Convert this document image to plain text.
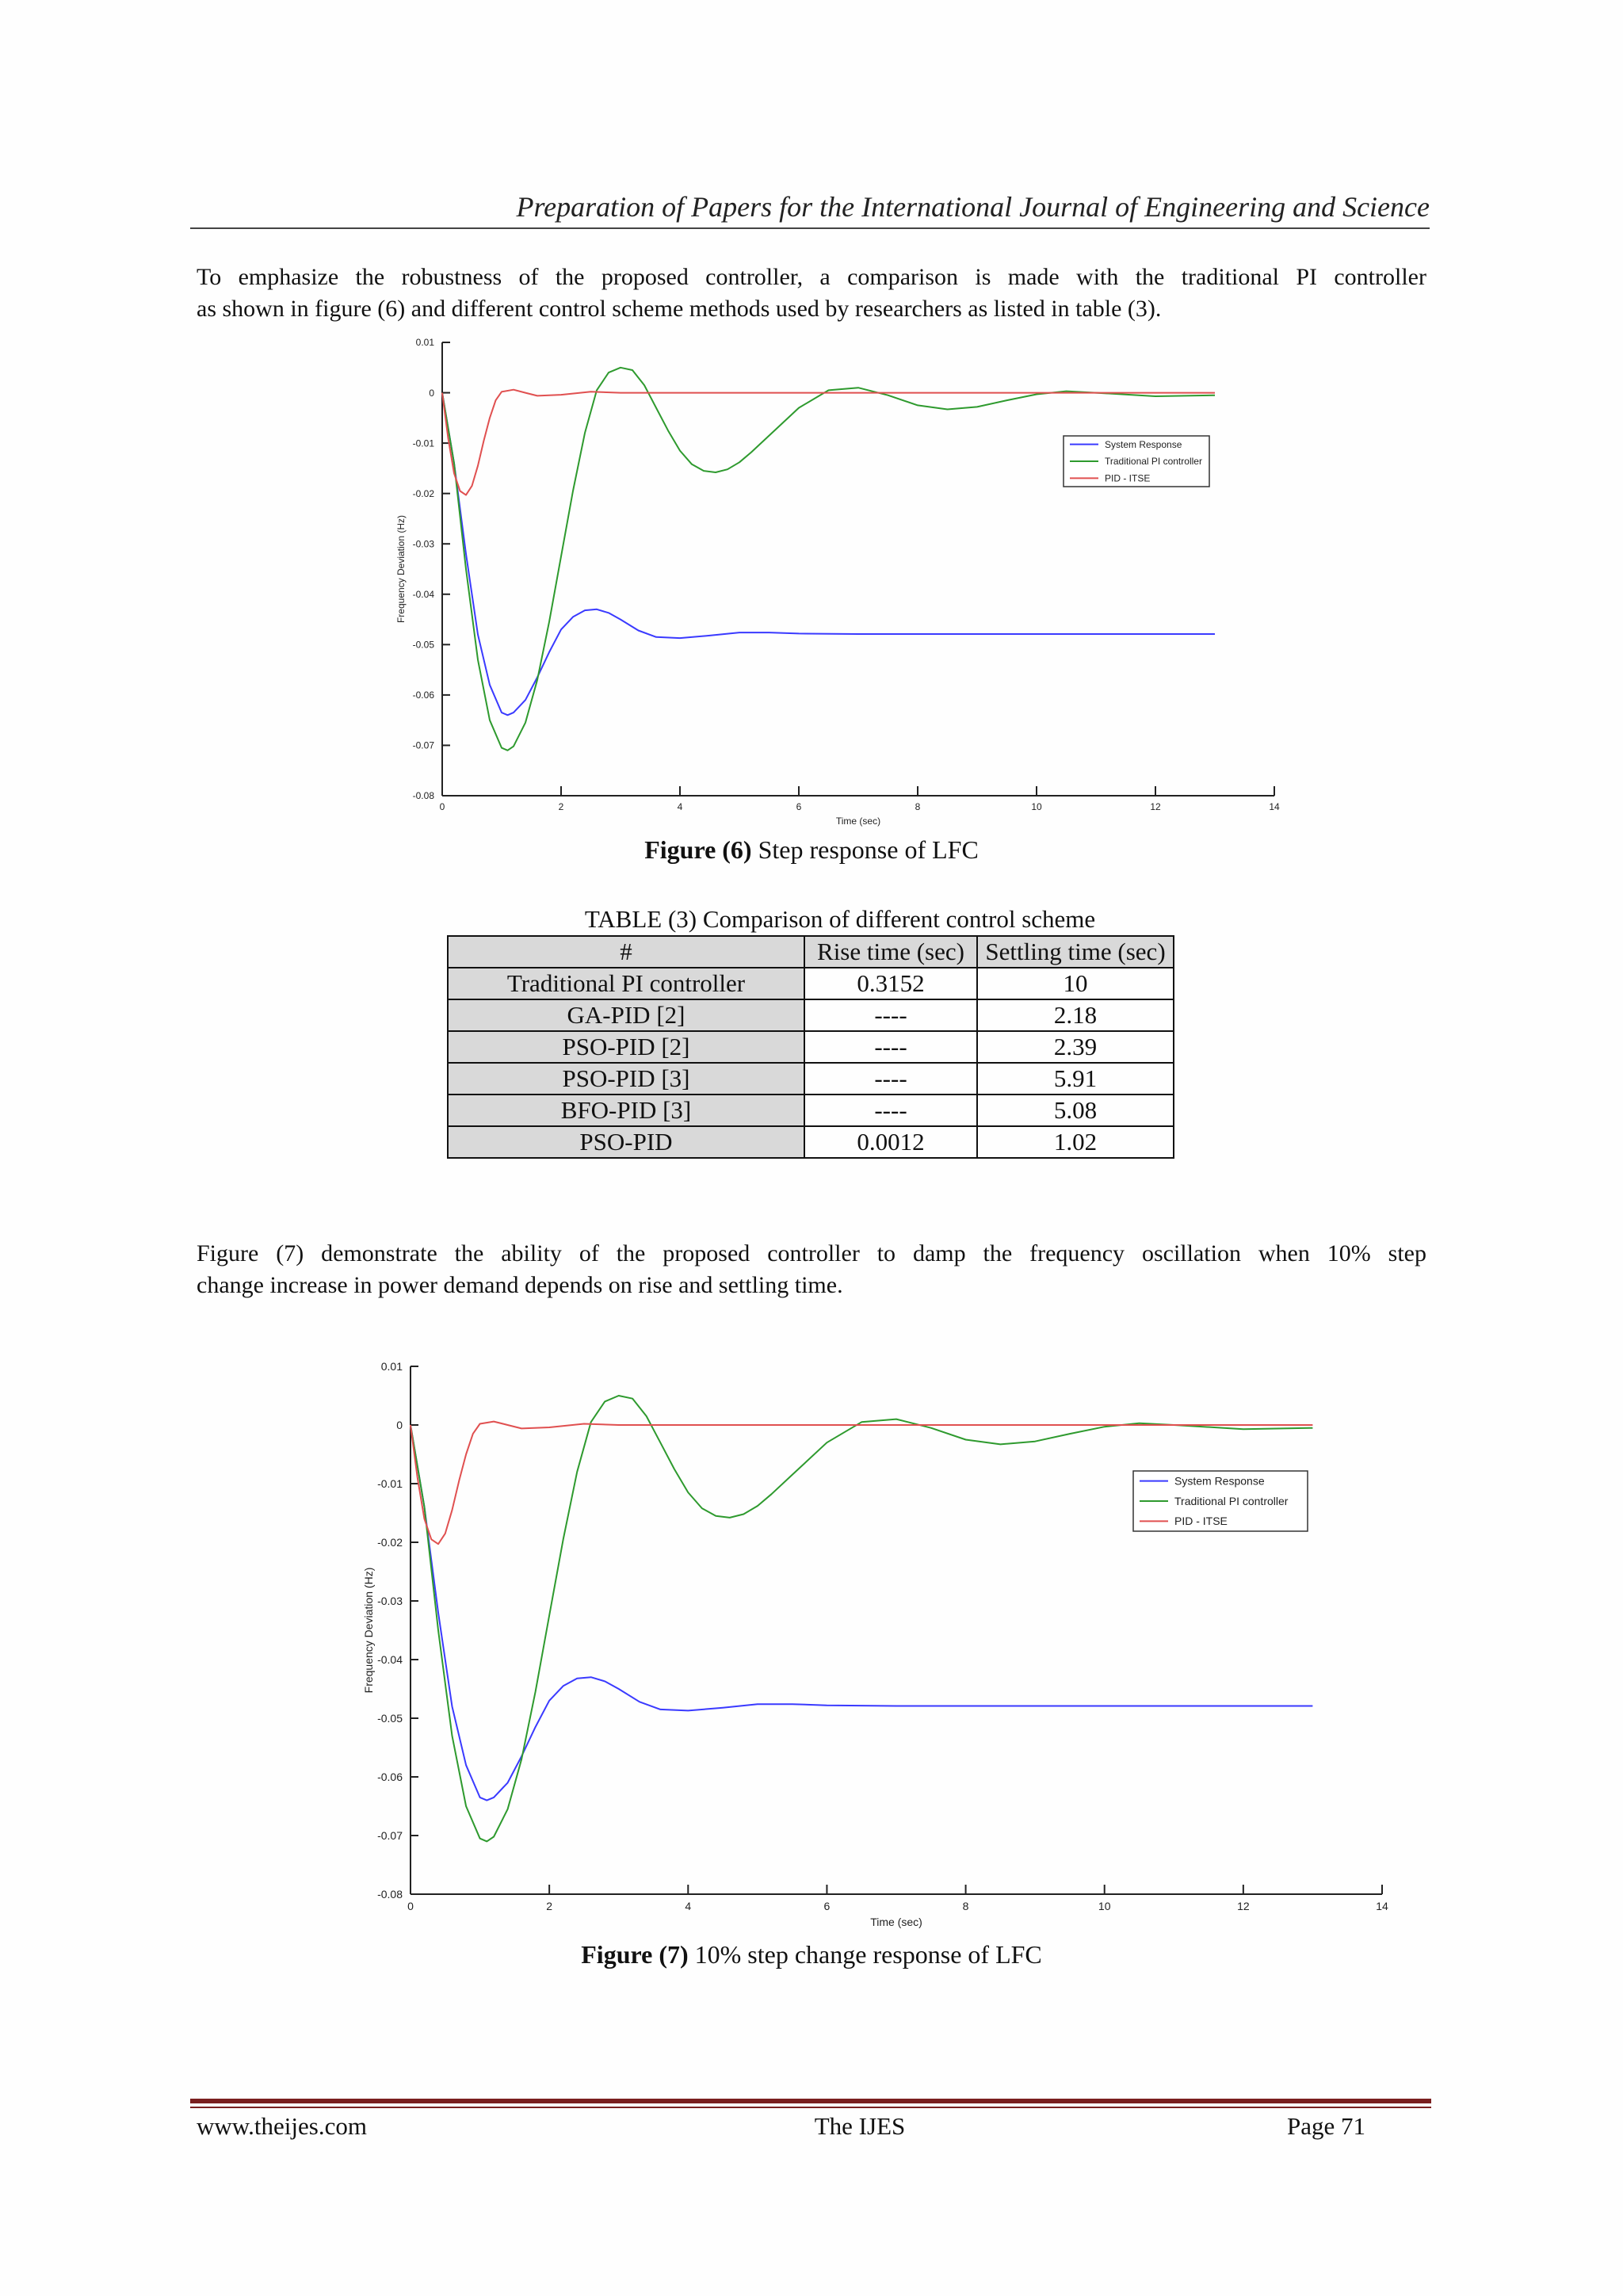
Preparation of Papers for the International Journal of Engineering and Science
To emphasize the robustness of the proposed controller, a comparison is made with the traditional PI controller
as shown in figure (6) and different control scheme methods used by researchers as listed in table (3).
0.01
0
-0.01
-0.02
-0.03
-0.04
-0.05
-0.06
-0.07
-0.08
0	2	4	6	8	10	12	14
Time (sec)
Frequency Deviation (Hz)
System Response
Traditional PI controller
PID - ITSE
Figure (6) Step response of LFC
TABLE (3) Comparison of different control scheme
#	Rise time (sec)	Settling time (sec)
Traditional PI controller	0.3152	10
GA-PID [2]	----	2.18
PSO-PID [2]	----	2.39
PSO-PID [3]	----	5.91
BFO-PID [3]	----	5.08
PSO-PID	0.0012	1.02
Figure (7) demonstrate the ability of the proposed controller to damp the frequency oscillation when 10% step
change increase in power demand depends on rise and settling time.
0.01
0
-0.01
-0.02
-0.03
-0.04
-0.05
-0.06
-0.07
-0.08
0	2	4	6	8	10	12	14
Time (sec)
Frequency Deviation (Hz)
System Response
Traditional PI controller
PID - ITSE
Figure (7) 10% step change response of LFC
www.theijes.com	The IJES	Page 71
